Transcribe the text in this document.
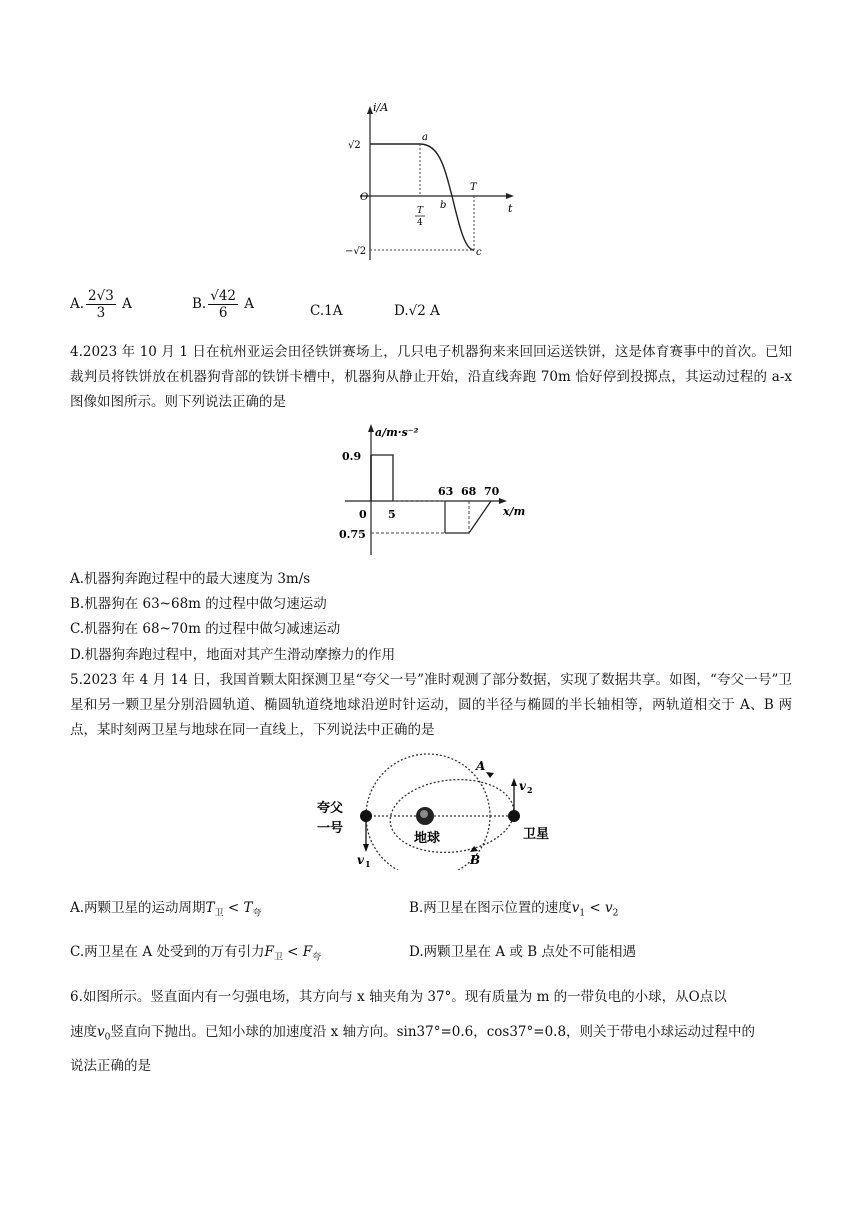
i/A
t
O
√2
−√2
T
4
T
a
b
c
A. $\frac{2√3}{3}$ A	B. $\frac{√42}{6}$ A	C.1A	D.√2 A
4.2023 年 10 月 1 日在杭州亚运会田径铁饼赛场上，几只电子机器狗来来回回运送铁饼，这是体育赛事中的首次。已知裁判员将铁饼放在机器狗背部的铁饼卡槽中，机器狗从静止开始，沿直线奔跑 70m 恰好停到投掷点，其运动过程的 a-x 图像如图所示。则下列说法正确的是
a/m·s⁻²
x/m
0
0.9
0.75
5
63 68 70
A.机器狗奔跑过程中的最大速度为 3m/s
B.机器狗在 63~68m 的过程中做匀速运动
C.机器狗在 68~70m 的过程中做匀减速运动
D.机器狗奔跑过程中，地面对其产生滑动摩擦力的作用
5.2023 年 4 月 14 日，我国首颗太阳探测卫星“夸父一号”准时观测了部分数据，实现了数据共享。如图，“夸父一号”卫星和另一颗卫星分别沿圆轨道、椭圆轨道绕地球沿逆时针运动，圆的半径与椭圆的半长轴相等，两轨道相交于 A、B 两点，某时刻两卫星与地球在同一直线上，下列说法中正确的是
夸父
一号
地球	卫星
A
B
v 1
v 2
A.两颗卫星的运动周期$T_卫 < T_夸$	B.两卫星在图示位置的速度$v_1 < v_2$
C.两卫星在 A 处受到的万有引力$F_卫 < F_夸$	D.两颗卫星在 A 或 B 点处不可能相遇
6.如图所示。竖直面内有一匀强电场，其方向与 x 轴夹角为 37°。现有质量为 m 的一带负电的小球，从O点以
速度$v_0$竖直向下抛出。已知小球的加速度沿 x 轴方向。sin37°=0.6，cos37°=0.8，则关于带电小球运动过程中的
说法正确的是
